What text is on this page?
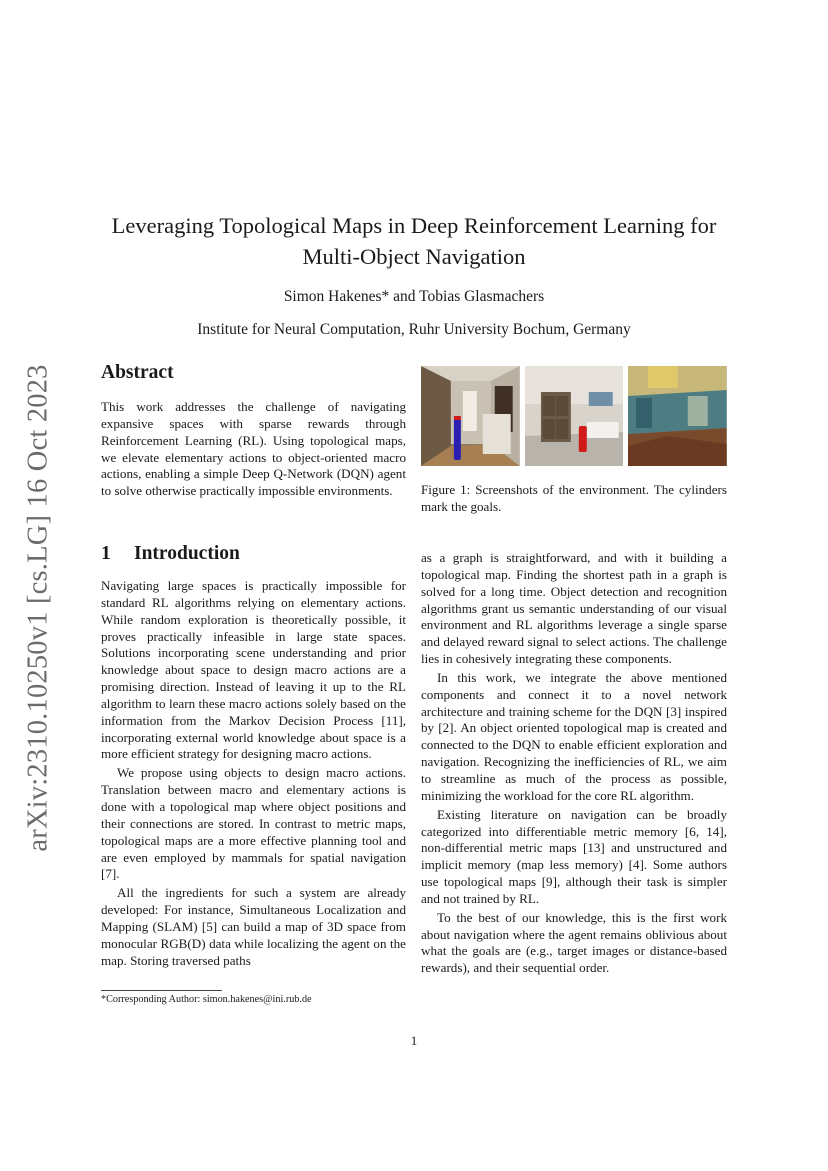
arXiv:2310.10250v1 [cs.LG] 16 Oct 2023
Leveraging Topological Maps in Deep Reinforcement Learning for
Multi-Object Navigation
Simon Hakenes* and Tobias Glasmachers
Institute for Neural Computation, Ruhr University Bochum, Germany
Abstract

This work addresses the challenge of navigating expansive spaces with sparse rewards through Reinforcement Learning (RL). Using topological maps, we elevate elementary actions to object-oriented macro actions, enabling a simple Deep Q-Network (DQN) agent to solve otherwise practically impossible environments.	Figure 1: Screenshots of the environment. The cylinders mark the goals.

1 Introduction

Navigating large spaces is practically impossible for standard RL algorithms relying on elementary actions. While random exploration is theoretically possible, it proves practically infeasible in large state spaces. Solutions incorporating scene understanding and prior knowledge about space to design macro actions are a promising direction. Instead of leaving it up to the RL algorithm to learn these macro actions solely based on the information from the Markov Decision Process [11], incorporating external world knowledge about space is a more efficient strategy for designing macro actions.

We propose using objects to design macro actions. Translation between macro and elementary actions is done with a topological map where object positions and their connections are stored. In contrast to metric maps, topological maps are a more effective planning tool and are even employed by mammals for spatial navigation [7].

All the ingredients for such a system are already developed: For instance, Simultaneous Localization and Mapping (SLAM) [5] can build a map of 3D space from monocular RGB(D) data while localizing the agent on the map. Storing traversed paths

as a graph is straightforward, and with it building a topological map. Finding the shortest path in a graph is solved for a long time. Object detection and recognition algorithms grant us semantic understanding of our visual environment and RL algorithms leverage a single sparse and delayed reward signal to select actions. The challenge lies in cohesively integrating these components.

In this work, we integrate the above mentioned components and connect it to a novel network architecture and training scheme for the DQN [3] inspired by [2]. An object oriented topological map is created and connected to the DQN to enable efficient exploration and navigation. Recognizing the inefficiencies of RL, we aim to streamline as much of the process as possible, minimizing the workload for the core RL algorithm.

Existing literature on navigation can be broadly categorized into differentiable metric memory [6, 14], non-differential metric maps [13] and unstructured and implicit memory (map less memory) [4]. Some authors use topological maps [9], although their task is simpler and not trained by RL.

To the best of our knowledge, this is the first work about navigation where the agent remains oblivious about what the goals are (e.g., target images or distance-based rewards), and their sequential order.

*Corresponding Author: simon.hakenes@ini.rub.de
1
